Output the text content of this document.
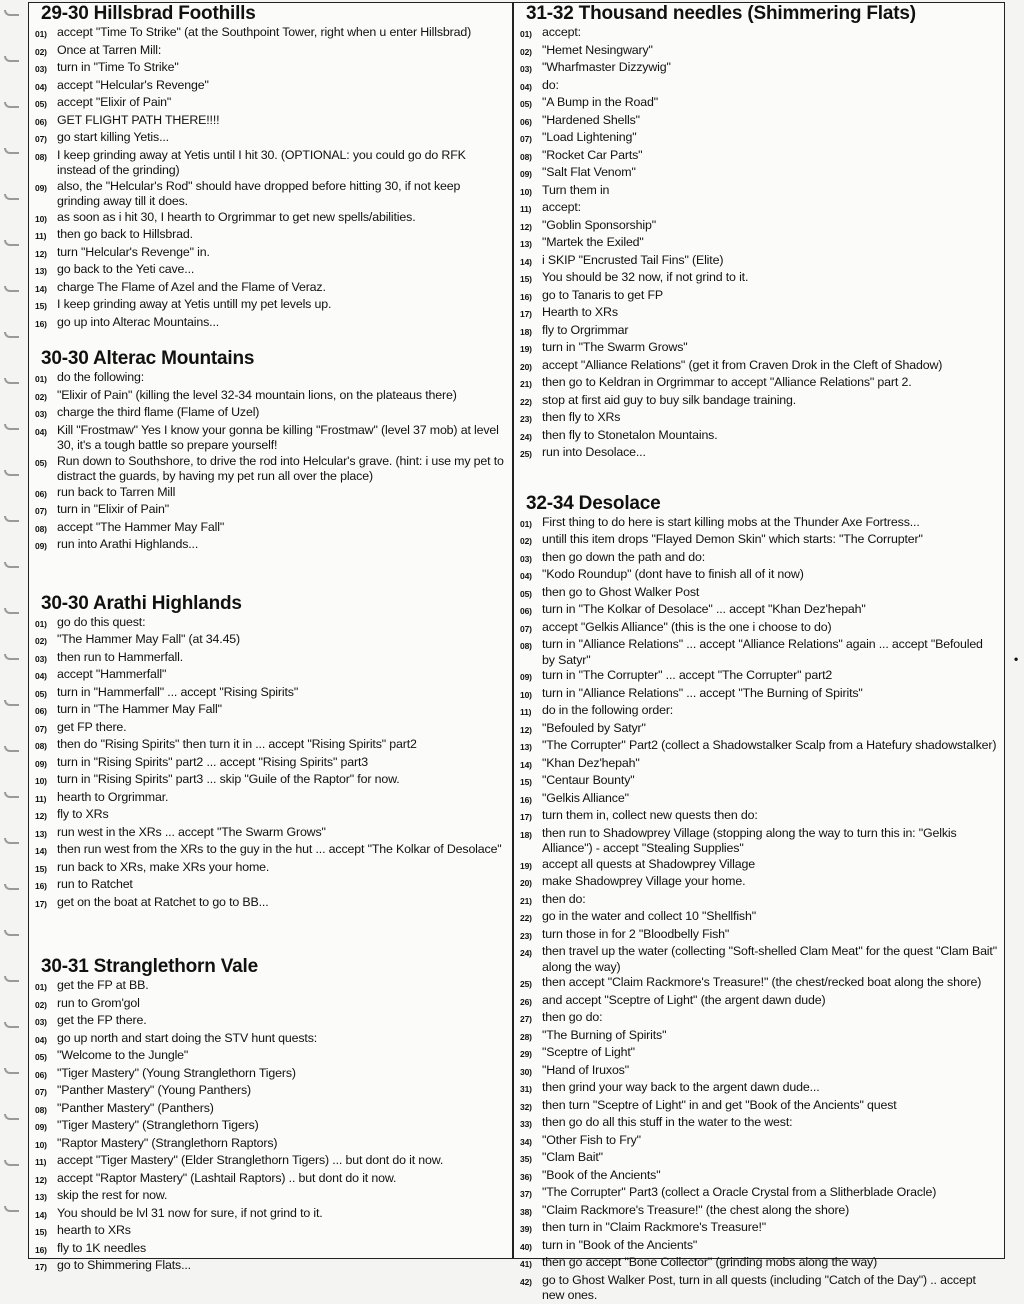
29-30 Hillsbrad Foothills
01) accept "Time To Strike" (at the Southpoint Tower, right when u enter Hillsbrad)
02) Once at Tarren Mill:
03) turn in "Time To Strike"
04) accept "Helcular's Revenge"
05) accept "Elixir of Pain"
06) GET FLIGHT PATH THERE!!!!
07) go start killing Yetis...
08) I keep grinding away at Yetis until I hit 30. (OPTIONAL: you could go do RFK instead of the grinding)
09) also, the "Helcular's Rod" should have dropped before hitting 30, if not keep grinding away till it does.
10) as soon as i hit 30, I hearth to Orgrimmar to get new spells/abilities.
11) then go back to Hillsbrad.
12) turn "Helcular's Revenge" in.
13) go back to the Yeti cave...
14) charge The Flame of Azel and the Flame of Veraz.
15) I keep grinding away at Yetis untill my pet levels up.
16) go up into Alterac Mountains...
30-30 Alterac Mountains
01) do the following:
02) "Elixir of Pain" (killing the level 32-34 mountain lions, on the plateaus there)
03) charge the third flame (Flame of Uzel)
04) Kill "Frostmaw" Yes I know your gonna be killing "Frostmaw" (level 37 mob) at level 30, it's a tough battle so prepare yourself!
05) Run down to Southshore, to drive the rod into Helcular's grave. (hint: i use my pet to distract the guards, by having my pet run all over the place)
06) run back to Tarren Mill
07) turn in "Elixir of Pain"
08) accept "The Hammer May Fall"
09) run into Arathi Highlands...
30-30 Arathi Highlands
01) go do this quest:
02) "The Hammer May Fall" (at 34.45)
03) then run to Hammerfall.
04) accept "Hammerfall"
05) turn in "Hammerfall" ... accept "Rising Spirits"
06) turn in "The Hammer May Fall"
07) get FP there.
08) then do "Rising Spirits" then turn it in ... accept "Rising Spirits" part2
09) turn in "Rising Spirits" part2 ... accept "Rising Spirits" part3
10) turn in "Rising Spirits" part3 ... skip "Guile of the Raptor" for now.
11) hearth to Orgrimmar.
12) fly to XRs
13) run west in the XRs ... accept "The Swarm Grows"
14) then run west from the XRs to the guy in the hut ... accept "The Kolkar of Desolace"
15) run back to XRs, make XRs your home.
16) run to Ratchet
17) get on the boat at Ratchet to go to BB...
30-31 Stranglethorn Vale
01) get the FP at BB.
02) run to Grom'gol
03) get the FP there.
04) go up north and start doing the STV hunt quests:
05) "Welcome to the Jungle"
06) "Tiger Mastery" (Young Stranglethorn Tigers)
07) "Panther Mastery" (Young Panthers)
08) "Panther Mastery" (Panthers)
09) "Tiger Mastery" (Stranglethorn Tigers)
10) "Raptor Mastery" (Stranglethorn Raptors)
11) accept "Tiger Mastery" (Elder Stranglethorn Tigers) ... but dont do it now.
12) accept "Raptor Mastery" (Lashtail Raptors) .. but dont do it now.
13) skip the rest for now.
14) You should be lvl 31 now for sure, if not grind to it.
15) hearth to XRs
16) fly to 1K needles
17) go to Shimmering Flats...
31-32 Thousand needles (Shimmering Flats)
01) accept:
02) "Hemet Nesingwary"
03) "Wharfmaster Dizzywig"
04) do:
05) "A Bump in the Road"
06) "Hardened Shells"
07) "Load Lightening"
08) "Rocket Car Parts"
09) "Salt Flat Venom"
10) Turn them in
11) accept:
12) "Goblin Sponsorship"
13) "Martek the Exiled"
14) i SKIP "Encrusted Tail Fins" (Elite)
15) You should be 32 now, if not grind to it.
16) go to Tanaris to get FP
17) Hearth to XRs
18) fly to Orgrimmar
19) turn in "The Swarm Grows"
20) accept "Alliance Relations" (get it from Craven Drok in the Cleft of Shadow)
21) then go to Keldran in Orgrimmar to accept "Alliance Relations" part 2.
22) stop at first aid guy to buy silk bandage training.
23) then fly to XRs
24) then fly to Stonetalon Mountains.
25) run into Desolace...
32-34 Desolace
01) First thing to do here is start killing mobs at the Thunder Axe Fortress...
02) untill this item drops "Flayed Demon Skin" which starts: "The Corrupter"
03) then go down the path and do:
04) "Kodo Roundup" (dont have to finish all of it now)
05) then go to Ghost Walker Post
06) turn in "The Kolkar of Desolace" ... accept "Khan Dez'hepah"
07) accept "Gelkis Alliance" (this is the one i choose to do)
08) turn in "Alliance Relations" ... accept "Alliance Relations" again ... accept "Befouled by Satyr"
09) turn in "The Corrupter" ... accept "The Corrupter" part2
10) turn in "Alliance Relations" ... accept "The Burning of Spirits"
11) do in the following order:
12) "Befouled by Satyr"
13) "The Corrupter" Part2 (collect a Shadowstalker Scalp from a Hatefury shadowstalker)
14) "Khan Dez'hepah"
15) "Centaur Bounty"
16) "Gelkis Alliance"
17) turn them in, collect new quests then do:
18) then run to Shadowprey Village (stopping along the way to turn this in: "Gelkis Alliance") - accept "Stealing Supplies"
19) accept all quests at Shadowprey Village
20) make Shadowprey Village your home.
21) then do:
22) go in the water and collect 10 "Shellfish"
23) turn those in for 2 "Bloodbelly Fish"
24) then travel up the water (collecting "Soft-shelled Clam Meat" for the quest "Clam Bait" along the way)
25) then accept "Claim Rackmore's Treasure!" (the chest/recked boat along the shore)
26) and accept "Sceptre of Light" (the argent dawn dude)
27) then go do:
28) "The Burning of Spirits"
29) "Sceptre of Light"
30) "Hand of Iruxos"
31) then grind your way back to the argent dawn dude...
32) then turn "Sceptre of Light" in and get "Book of the Ancients" quest
33) then go do all this stuff in the water to the west:
34) "Other Fish to Fry"
35) "Clam Bait"
36) "Book of the Ancients"
37) "The Corrupter" Part3 (collect a Oracle Crystal from a Slitherblade Oracle)
38) "Claim Rackmore's Treasure!" (the chest along the shore)
39) then turn in "Claim Rackmore's Treasure!"
40) turn in "Book of the Ancients"
41) then go accept "Bone Collector" (grinding mobs along the way)
42) go to Ghost Walker Post, turn in all quests (including "Catch of the Day") .. accept new ones.
•
